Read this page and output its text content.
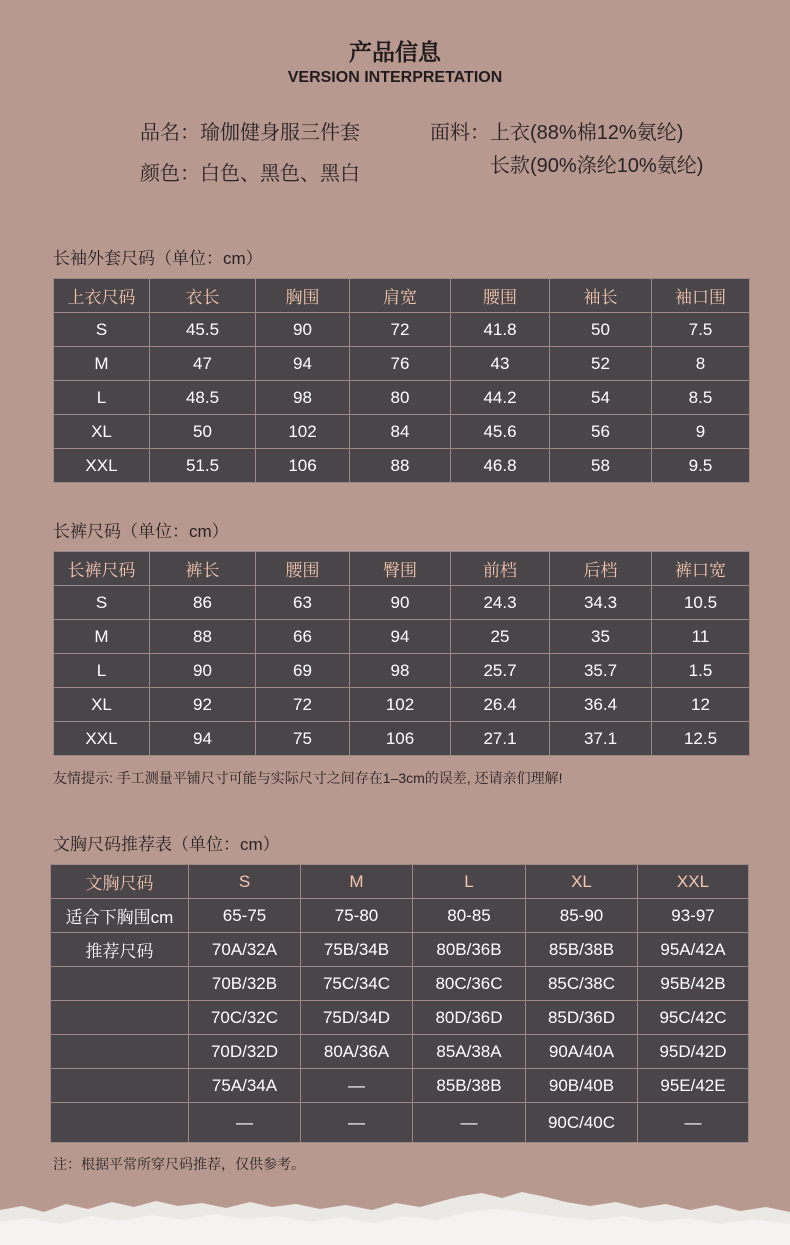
产品信息
VERSION INTERPRETATION
品名：瑜伽健身服三件套	面料：上衣(88%棉12%氨纶)
颜色：白色、黑色、黑白	长款(90%涤纶10%氨纶)
长袖外套尺码（单位：cm）
上衣尺码	衣长	胸围	肩宽	腰围	袖长	袖口围
S	45.5	90	72	41.8	50	7.5
M	47	94	76	43	52	8
L	48.5	98	80	44.2	54	8.5
XL	50	102	84	45.6	56	9
XXL	51.5	106	88	46.8	58	9.5
长裤尺码（单位：cm）
长裤尺码	裤长	腰围	臀围	前档	后档	裤口宽
S	86	63	90	24.3	34.3	10.5
M	88	66	94	25	35	11
L	90	69	98	25.7	35.7	1.5
XL	92	72	102	26.4	36.4	12
XXL	94	75	106	27.1	37.1	12.5
友情提示: 手工测量平铺尺寸可能与实际尺寸之间存在1–3cm的误差, 还请亲们理解!
文胸尺码推荐表（单位：cm）
文胸尺码	S	M	L	XL	XXL
适合下胸围cm	65-75	75-80	80-85	85-90	93-97
推荐尺码	70A/32A	75B/34B	80B/36B	85B/38B	95A/42A
	70B/32B	75C/34C	80C/36C	85C/38C	95B/42B
	70C/32C	75D/34D	80D/36D	85D/36D	95C/42C
	70D/32D	80A/36A	85A/38A	90A/40A	95D/42D
	75A/34A	—	85B/38B	90B/40B	95E/42E
	—	—	—	90C/40C	—
注：根据平常所穿尺码推荐，仅供参考。
